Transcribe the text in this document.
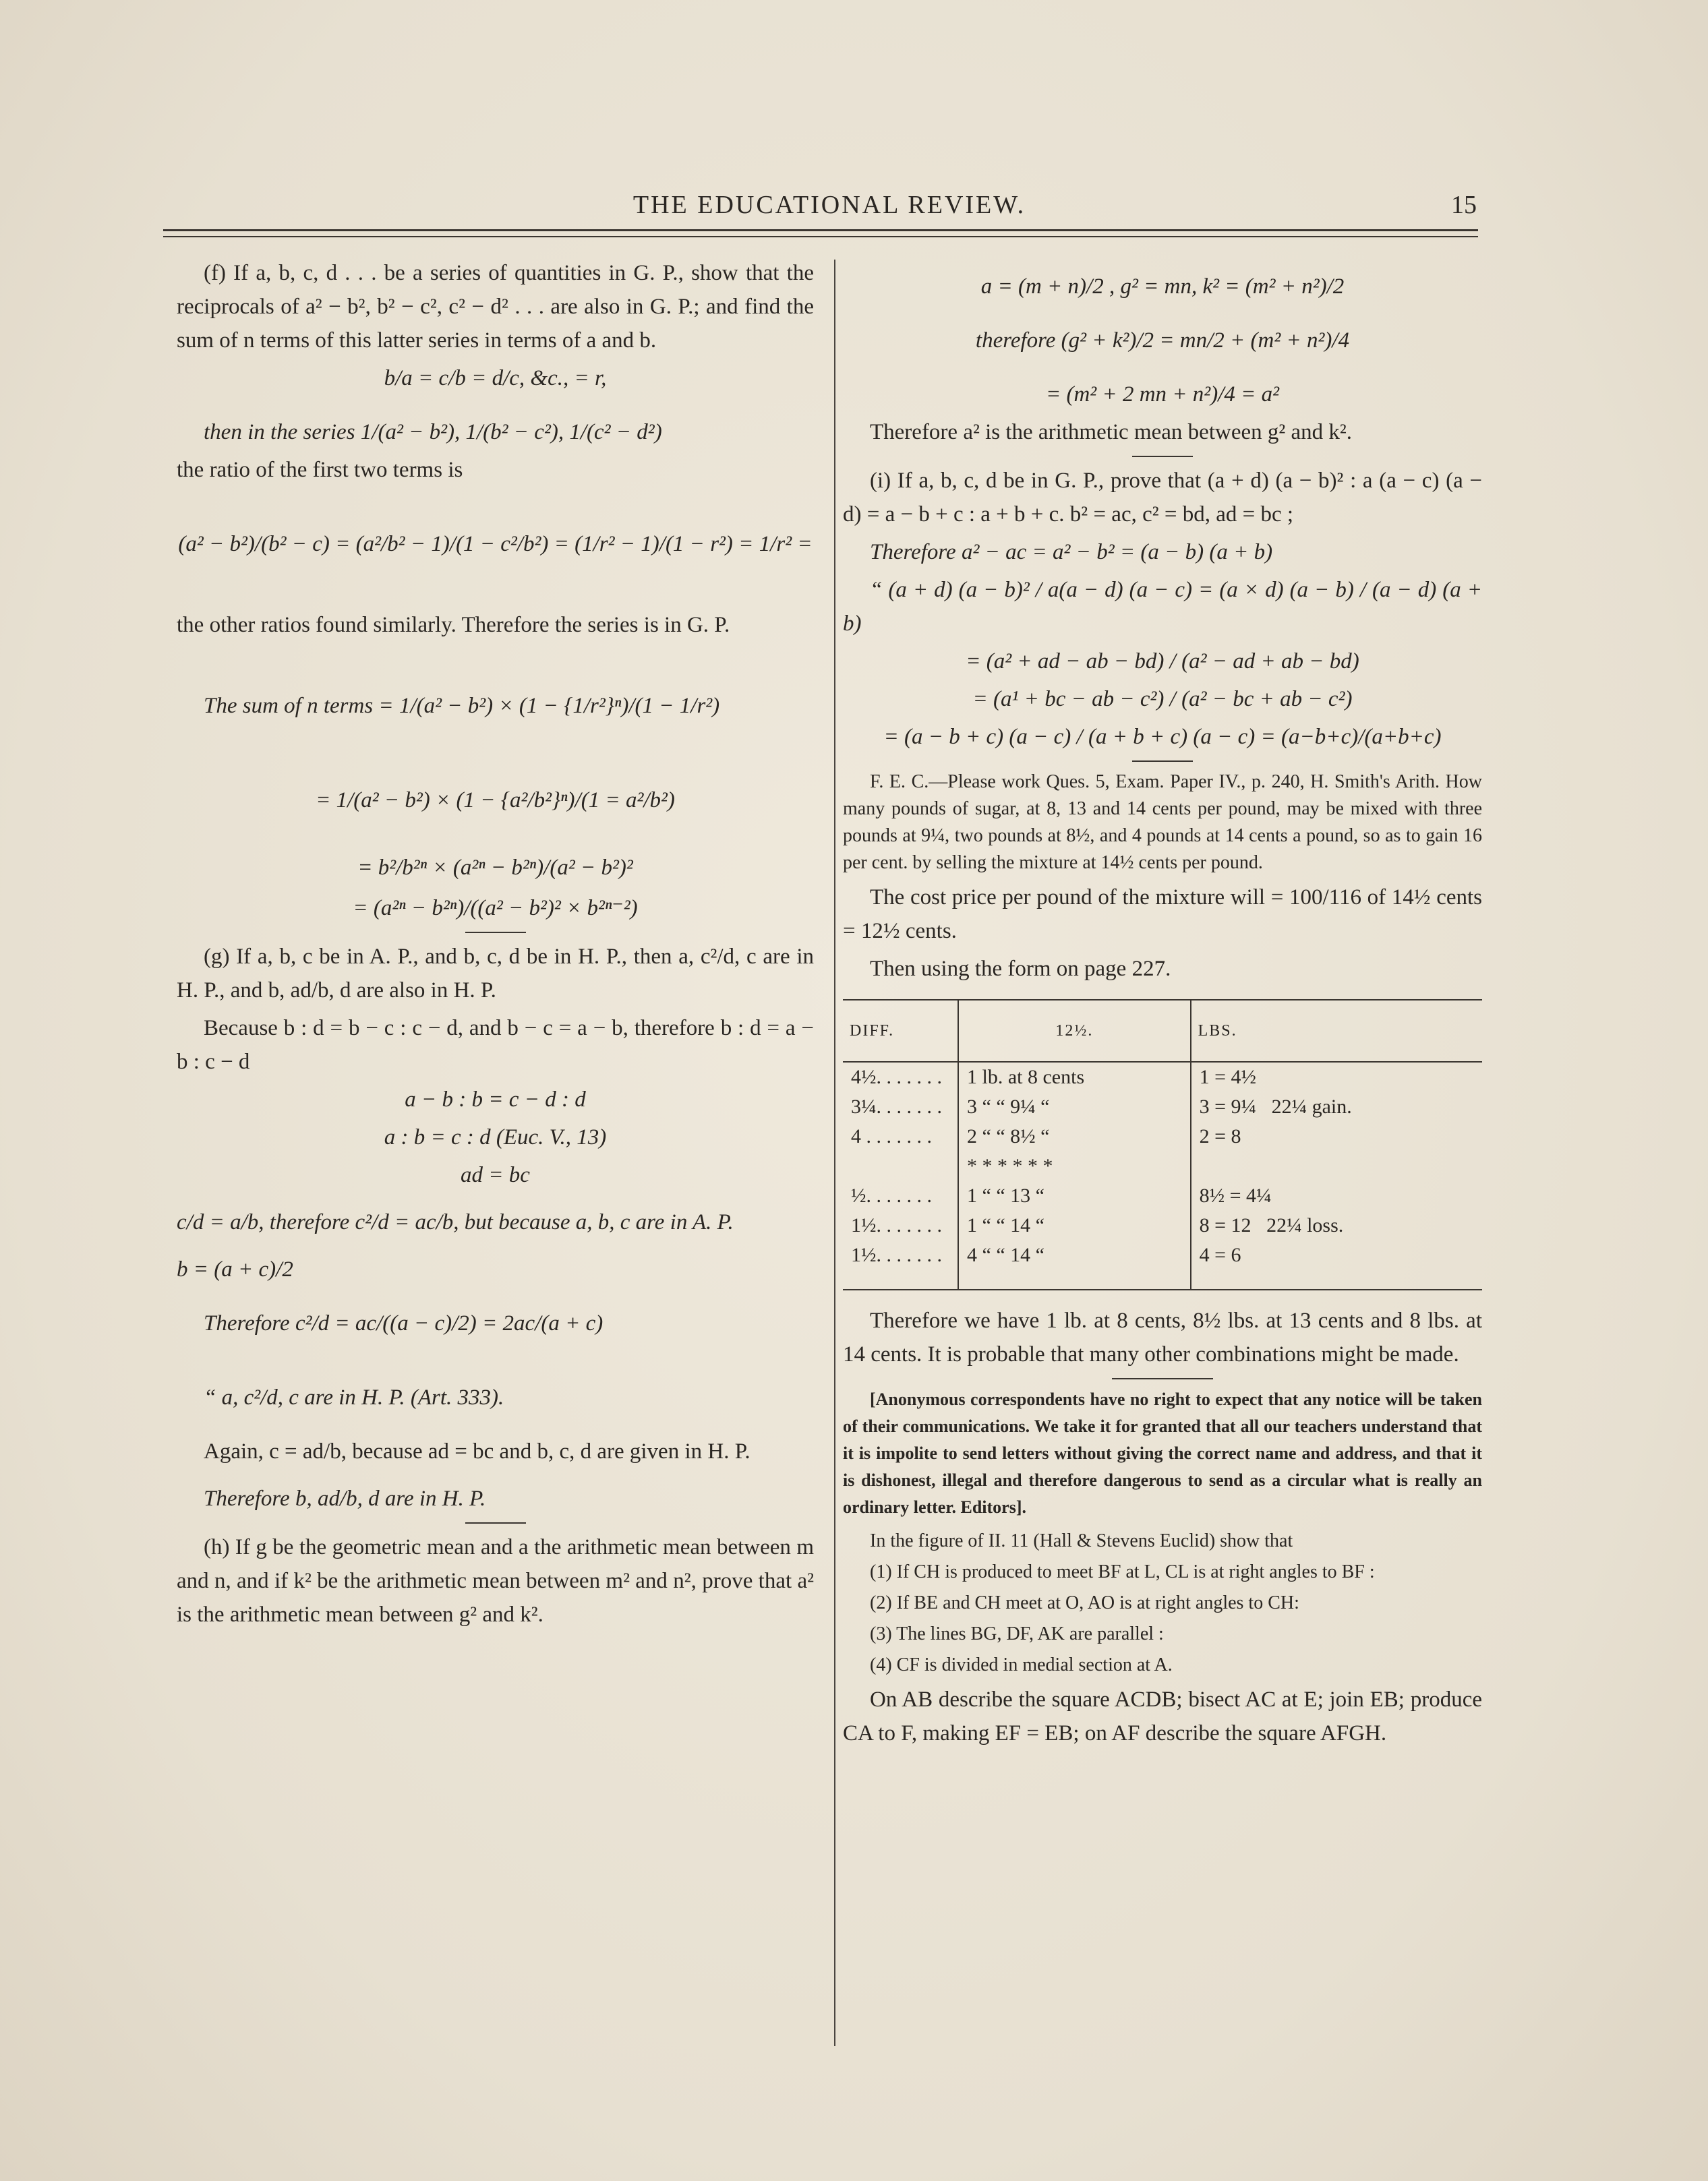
THE EDUCATIONAL REVIEW.	15

(f) If a, b, c, d . . . be a series of quantities in G. P., show that the reciprocals of a² − b², b² − c², c² − d² . . . are also in G. P.; and find the sum of n terms of this latter series in terms of a and b.

b/a = c/b = d/c, &c., = r,

then in the series 1/(a² − b²), 1/(b² − c²), 1/(c² − d²)

the ratio of the first two terms is

(a² − b²)/(b² − c) = (a²/b² − 1)/(1 − c²/b²) = (1/r² − 1)/(1 − r²) = 1/r² =

the other ratios found similarly. Therefore the series is in G. P.

The sum of n terms = 1/(a² − b²) × (1 − {1/r²}ⁿ)/(1 − 1/r²)

= 1/(a² − b²) × (1 − {a²/b²}ⁿ)/(1 = a²/b²)

= b²/b²ⁿ × (a²ⁿ − b²ⁿ)/(a² − b²)²

= (a²ⁿ − b²ⁿ)/((a² − b²)² × b²ⁿ⁻²)

(g) If a, b, c be in A. P., and b, c, d be in H. P., then a, c²/d, c are in H. P., and b, ad/b, d are also in H. P.

Because b : d = b − c : c − d, and b − c = a − b, therefore b : d = a − b : c − d

a − b : b = c − d : d

a : b = c : d (Euc. V., 13)

ad = bc

c/d = a/b, therefore c²/d = ac/b, but because a, b, c are in A. P.

b = (a + c)/2

Therefore c²/d = ac/((a − c)/2) = 2ac/(a + c)

“ a, c²/d, c are in H. P. (Art. 333).

Again, c = ad/b, because ad = bc and b, c, d are given in H. P.

Therefore b, ad/b, d are in H. P.

(h) If g be the geometric mean and a the arithmetic mean between m and n, and if k² be the arithmetic mean between m² and n², prove that a² is the arithmetic mean between g² and k².

a = (m + n)/2 , g² = mn, k² = (m² + n²)/2

therefore (g² + k²)/2 = mn/2 + (m² + n²)/4

= (m² + 2 mn + n²)/4 = a²

Therefore a² is the arithmetic mean between g² and k².

(i) If a, b, c, d be in G. P., prove that (a + d) (a − b)² : a (a − c) (a − d) = a − b + c : a + b + c. b² = ac, c² = bd, ad = bc ;

Therefore a² − ac = a² − b² = (a − b) (a + b)

“ (a + d) (a − b)² / a(a − d) (a − c) = (a × d) (a − b) / (a − d) (a + b)

= (a² + ad − ab − bd) / (a² − ad + ab − bd)

= (a¹ + bc − ab − c²) / (a² − bc + ab − c²)

= (a − b + c) (a − c) / (a + b + c) (a − c) = (a−b+c)/(a+b+c)

F. E. C.—Please work Ques. 5, Exam. Paper IV., p. 240, H. Smith's Arith. How many pounds of sugar, at 8, 13 and 14 cents per pound, may be mixed with three pounds at 9¼, two pounds at 8½, and 4 pounds at 14 cents a pound, so as to gain 16 per cent. by selling the mixture at 14½ cents per pound.

The cost price per pound of the mixture will = 100/116 of 14½ cents = 12½ cents.

Then using the form on page 227.

DIFF.	12½.	LBS.
4½. . . . . . .	1 lb. at 8 cents	1 = 4½
3¼. . . . . . .	3 “ “ 9¼ “	3 = 9¼ 22¼ gain.
4 . . . . . . .	2 “ “ 8½ “	2 = 8
	* * * * * *	
½. . . . . . .	1 “ “ 13 “	8½ = 4¼
1½. . . . . . .	1 “ “ 14 “	8 = 12 22¼ loss.
1½. . . . . . .	4 “ “ 14 “	4 = 6

Therefore we have 1 lb. at 8 cents, 8½ lbs. at 13 cents and 8 lbs. at 14 cents. It is probable that many other combinations might be made.

[Anonymous correspondents have no right to expect that any notice will be taken of their communications. We take it for granted that all our teachers understand that it is impolite to send letters without giving the correct name and address, and that it is dishonest, illegal and therefore dangerous to send as a circular what is really an ordinary letter. Editors].

In the figure of II. 11 (Hall & Stevens Euclid) show that

(1) If CH is produced to meet BF at L, CL is at right angles to BF :

(2) If BE and CH meet at O, AO is at right angles to CH:

(3) The lines BG, DF, AK are parallel :

(4) CF is divided in medial section at A.

On AB describe the square ACDB; bisect AC at E; join EB; produce CA to F, making EF = EB; on AF describe the square AFGH.
